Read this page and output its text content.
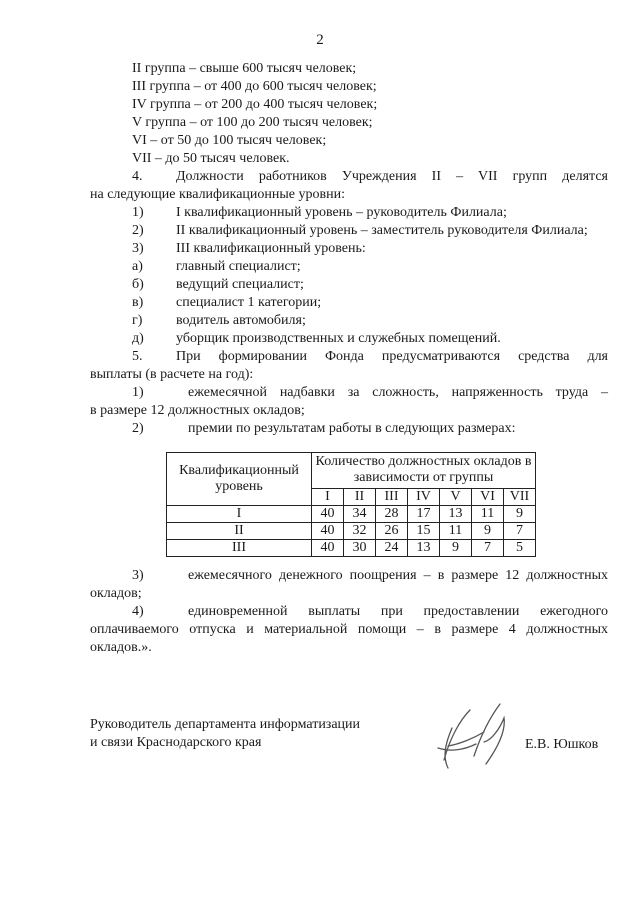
2
II группа – свыше 600 тысяч человек;
III группа – от 400 до 600 тысяч человек;
IV группа – от 200 до 400 тысяч человек;
V группа – от 100 до 200 тысяч человек;
VI – от 50 до 100 тысяч человек;
VII – до 50 тысяч человек.
4. Должности работников Учреждения II – VII групп делятся
на следующие квалификационные уровни:
1) I квалификационный уровень – руководитель Филиала;
2) II квалификационный уровень – заместитель руководителя Филиала;
3) III квалификационный уровень:
а) главный специалист;
б) ведущий специалист;
в) специалист 1 категории;
г) водитель автомобиля;
д) уборщик производственных и служебных помещений.
5. При формировании Фонда предусматриваются средства для
выплаты (в расчете на год):
1)	ежемесячной надбавки за сложность, напряженность труда –
в размере 12 должностных окладов;
2)	премии по результатам работы в следующих размерах:
Квалификационный уровень	Количество должностных окладов в зависимости от группы						
	I	II	III	IV	V	VI	VII
I	40	34	28	17	13	11	9
II	40	32	26	15	11	9	7
III	40	30	24	13	9	7	5
3)	ежемесячного денежного поощрения – в размере 12 должностных
окладов;
4)	единовременной выплаты при предоставлении ежегодного
оплачиваемого отпуска и материальной помощи – в размере 4 должностных
окладов.».
Руководитель департамента информатизации
и связи Краснодарского края	Е.В. Юшков
